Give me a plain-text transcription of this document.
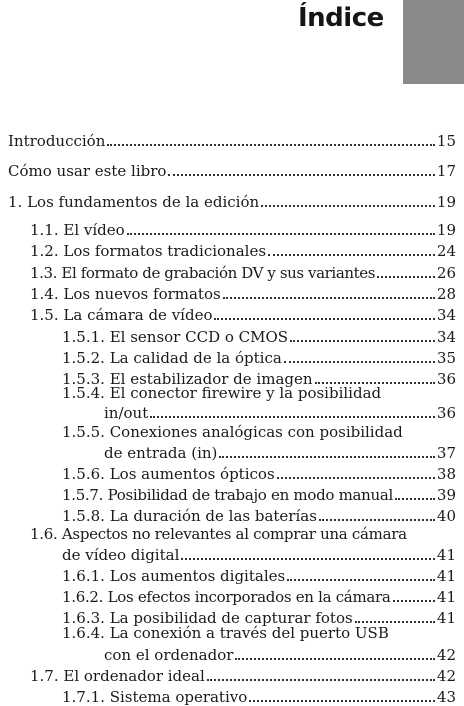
Índice
Introducción	15
Cómo usar este libro	17
1. Los fundamentos de la edición	19
1.1. El vídeo	19
1.2. Los formatos tradicionales	24
1.3. El formato de grabación DV y sus variantes	26
1.4. Los nuevos formatos	28
1.5. La cámara de vídeo	34
1.5.1. El sensor CCD o CMOS	34
1.5.2. La calidad de la óptica	35
1.5.3. El estabilizador de imagen	36
1.5.4. El conector firewire y la posibilidad
in/out	36
1.5.5. Conexiones analógicas con posibilidad
de entrada (in)	37
1.5.6. Los aumentos ópticos	38
1.5.7. Posibilidad de trabajo en modo manual	39
1.5.8. La duración de las baterías	40
1.6. Aspectos no relevantes al comprar una cámara
de vídeo digital	41
1.6.1. Los aumentos digitales	41
1.6.2. Los efectos incorporados en la cámara	41
1.6.3. La posibilidad de capturar fotos	41
1.6.4. La conexión a través del puerto USB
con el ordenador	42
1.7. El ordenador ideal	42
1.7.1. Sistema operativo	43
